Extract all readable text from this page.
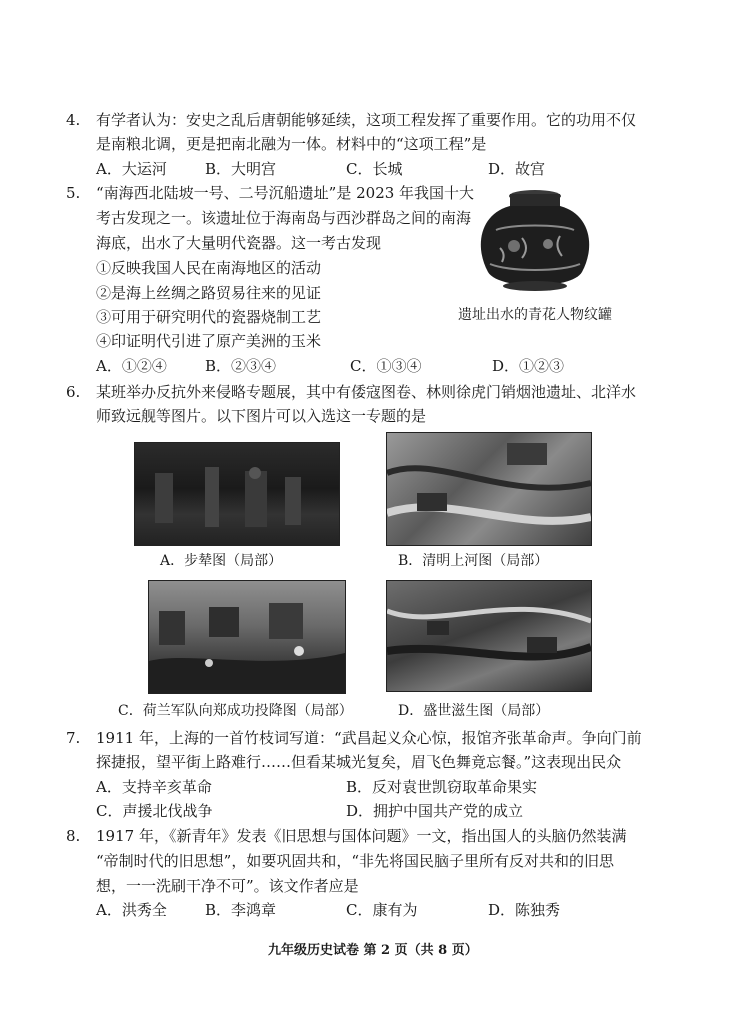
4. 有学者认为：安史之乱后唐朝能够延续，这项工程发挥了重要作用。它的功用不仅
是南粮北调，更是把南北融为一体。材料中的“这项工程”是
A．大运河	B．大明宫	C．长城	D．故宫
5. “南海西北陆坡一号、二号沉船遗址”是 2023 年我国十大
考古发现之一。该遗址位于海南岛与西沙群岛之间的南海
海底，出水了大量明代瓷器。这一考古发现
①反映我国人民在南海地区的活动
②是海上丝绸之路贸易往来的见证
③可用于研究明代的瓷器烧制工艺
④印证明代引进了原产美洲的玉米
遗址出水的青花人物纹罐
A．①②④	B．②③④	C．①③④	D．①②③
6. 某班举办反抗外来侵略专题展，其中有倭寇图卷、林则徐虎门销烟池遗址、北洋水
师致远舰等图片。以下图片可以入选这一专题的是
A．步辇图（局部）	B．清明上河图（局部）
C．荷兰军队向郑成功投降图（局部）	D．盛世滋生图（局部）
7. 1911 年，上海的一首竹枝词写道：“武昌起义众心惊，报馆齐张革命声。争向门前
探捷报，望平街上路难行……但看某城光复矣，眉飞色舞竟忘餐。”这表现出民众
A．支持辛亥革命	B．反对袁世凯窃取革命果实
C．声援北伐战争	D．拥护中国共产党的成立
8. 1917 年，《新青年》发表《旧思想与国体问题》一文，指出国人的头脑仍然装满
“帝制时代的旧思想”，如要巩固共和，“非先将国民脑子里所有反对共和的旧思
想，一一洗刷干净不可”。该文作者应是
A．洪秀全	B．李鸿章	C．康有为	D．陈独秀
九年级历史试卷 第 2 页（共 8 页）
